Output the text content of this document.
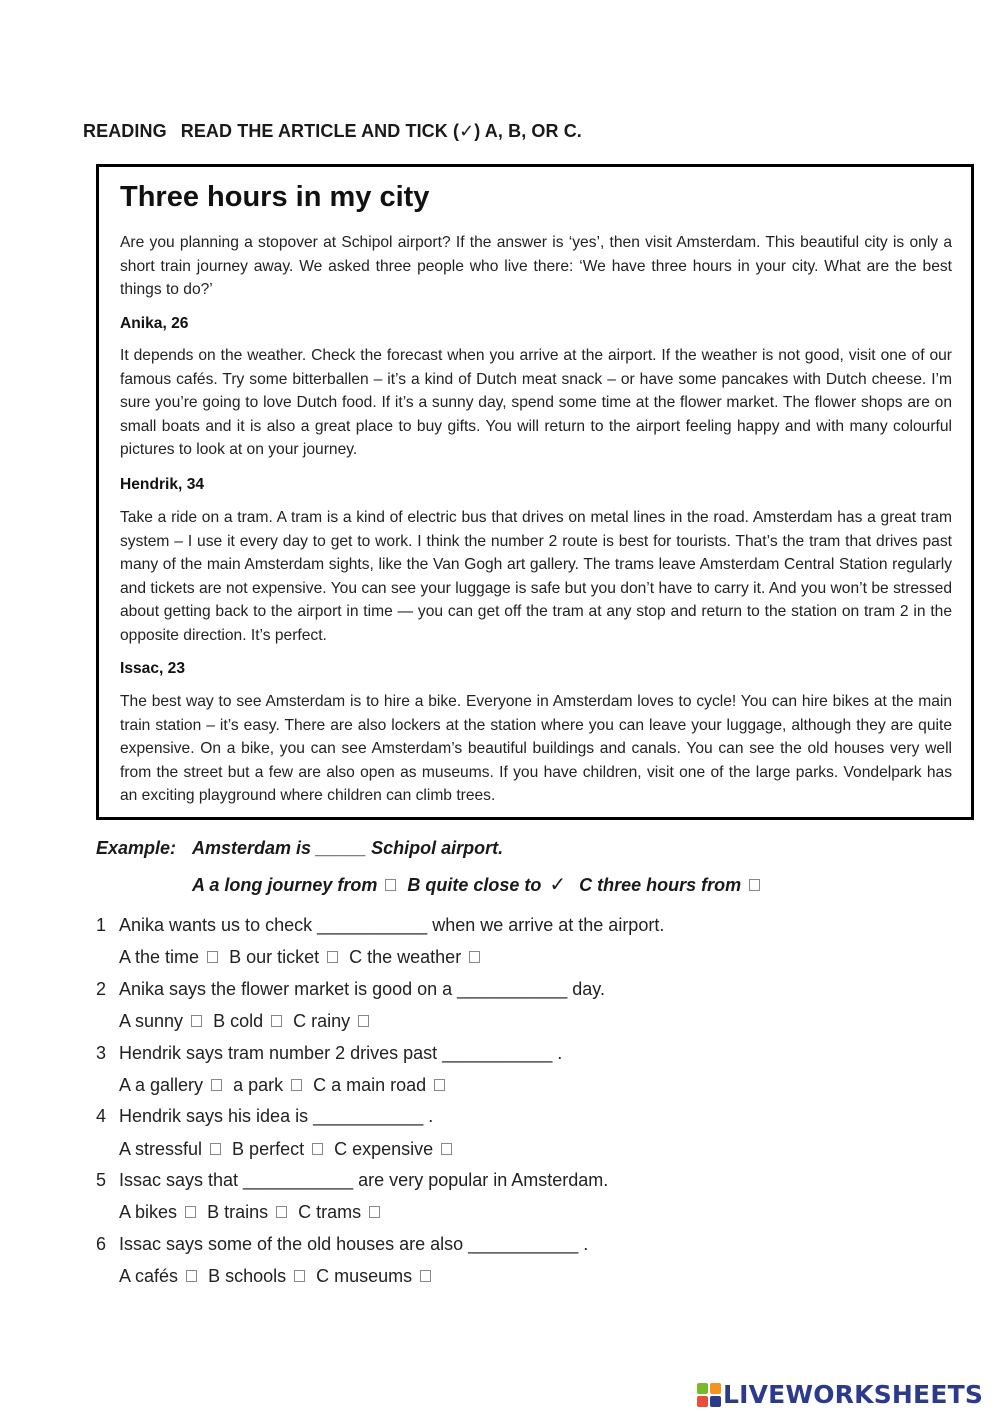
READING READ THE ARTICLE AND TICK (✓) A, B, OR C.
Three hours in my city
Are you planning a stopover at Schipol airport? If the answer is ‘yes’, then visit Amsterdam. This beautiful city is only a short train journey away. We asked three people who live there: ‘We have three hours in your city. What are the best things to do?’
Anika, 26
It depends on the weather. Check the forecast when you arrive at the airport. If the weather is not good, visit one of our famous cafés. Try some bitterballen – it’s a kind of Dutch meat snack – or have some pancakes with Dutch cheese. I’m sure you’re going to love Dutch food. If it’s a sunny day, spend some time at the flower market. The flower shops are on small boats and it is also a great place to buy gifts. You will return to the airport feeling happy and with many colourful pictures to look at on your journey.
Hendrik, 34
Take a ride on a tram. A tram is a kind of electric bus that drives on metal lines in the road. Amsterdam has a great tram system – I use it every day to get to work. I think the number 2 route is best for tourists. That’s the tram that drives past many of the main Amsterdam sights, like the Van Gogh art gallery. The trams leave Amsterdam Central Station regularly and tickets are not expensive. You can see your luggage is safe but you don’t have to carry it. And you won’t be stressed about getting back to the airport in time — you can get off the tram at any stop and return to the station on tram 2 in the opposite direction. It’s perfect.
Issac, 23
The best way to see Amsterdam is to hire a bike. Everyone in Amsterdam loves to cycle! You can hire bikes at the main train station – it’s easy. There are also lockers at the station where you can leave your luggage, although they are quite expensive. On a bike, you can see Amsterdam’s beautiful buildings and canals. You can see the old houses very well from the street but a few are also open as museums. If you have children, visit one of the large parks. Vondelpark has an exciting playground where children can climb trees.
Example: Amsterdam is _____ Schipol airport.
A a long journey from B quite close to ✓ C three hours from
1 Anika wants us to check ___________ when we arrive at the airport.
A the time B our ticket C the weather
2 Anika says the flower market is good on a ___________ day.
A sunny B cold C rainy
3 Hendrik says tram number 2 drives past ___________ .
A a gallery a park C a main road
4 Hendrik says his idea is ___________ .
A stressful B perfect C expensive
5 Issac says that ___________ are very popular in Amsterdam.
A bikes B trains C trams
6 Issac says some of the old houses are also ___________ .
A cafés B schools C museums
LIVEWORKSHEETS
